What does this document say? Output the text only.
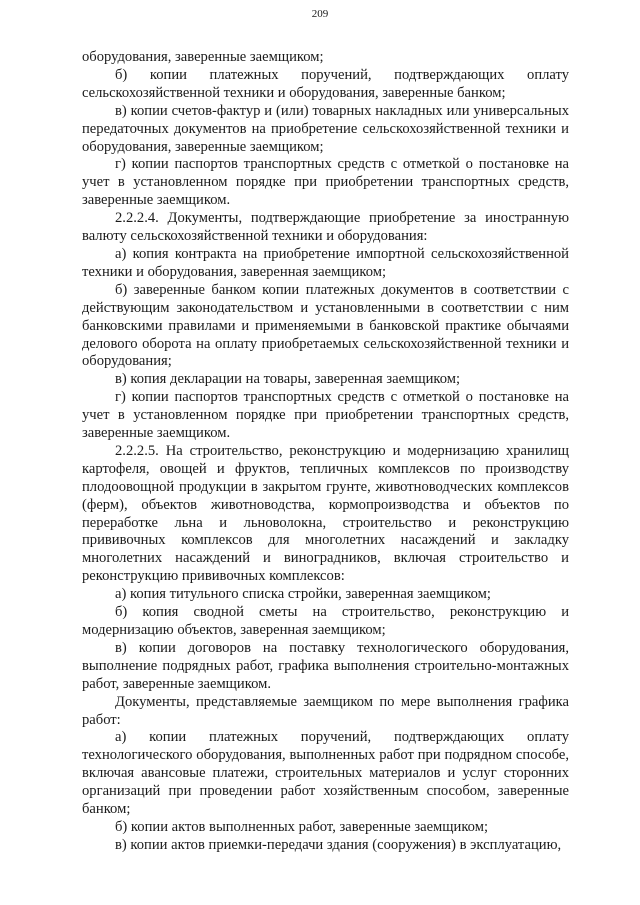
209

оборудования, заверенные заемщиком;

б) копии платежных поручений, подтверждающих оплату сельскохозяйственной техники и оборудования, заверенные банком;

в) копии счетов-фактур и (или) товарных накладных или универсальных передаточных документов на приобретение сельскохозяйственной техники и оборудования, заверенные заемщиком;

г) копии паспортов транспортных средств с отметкой о постановке на учет в установленном порядке при приобретении транспортных средств, заверенные заемщиком.

2.2.2.4. Документы, подтверждающие приобретение за иностранную валюту сельскохозяйственной техники и оборудования:

а) копия контракта на приобретение импортной сельскохозяйственной техники и оборудования, заверенная заемщиком;

б) заверенные банком копии платежных документов в соответствии с действующим законодательством и установленными в соответствии с ним банковскими правилами и применяемыми в банковской практике обычаями делового оборота на оплату приобретаемых сельскохозяйственной техники и оборудования;

в) копия декларации на товары, заверенная заемщиком;

г) копии паспортов транспортных средств с отметкой о постановке на учет в установленном порядке при приобретении транспортных средств, заверенные заемщиком.

2.2.2.5. На строительство, реконструкцию и модернизацию хранилищ картофеля, овощей и фруктов, тепличных комплексов по производству плодоовощной продукции в закрытом грунте, животноводческих комплексов (ферм), объектов животноводства, кормопроизводства и объектов по переработке льна и льноволокна, строительство и реконструкцию прививочных комплексов для многолетних насаждений и закладку многолетних насаждений и виноградников, включая строительство и реконструкцию прививочных комплексов:

а) копия титульного списка стройки, заверенная заемщиком;

б) копия сводной сметы на строительство, реконструкцию и модернизацию объектов, заверенная заемщиком;

в) копии договоров на поставку технологического оборудования, выполнение подрядных работ, графика выполнения строительно-монтажных работ, заверенные заемщиком.

Документы, представляемые заемщиком по мере выполнения графика работ:

а) копии платежных поручений, подтверждающих оплату технологического оборудования, выполненных работ при подрядном способе, включая авансовые платежи, строительных материалов и услуг сторонних организаций при проведении работ хозяйственным способом, заверенные банком;

б) копии актов выполненных работ, заверенные заемщиком;

в) копии актов приемки-передачи здания (сооружения) в эксплуатацию,
